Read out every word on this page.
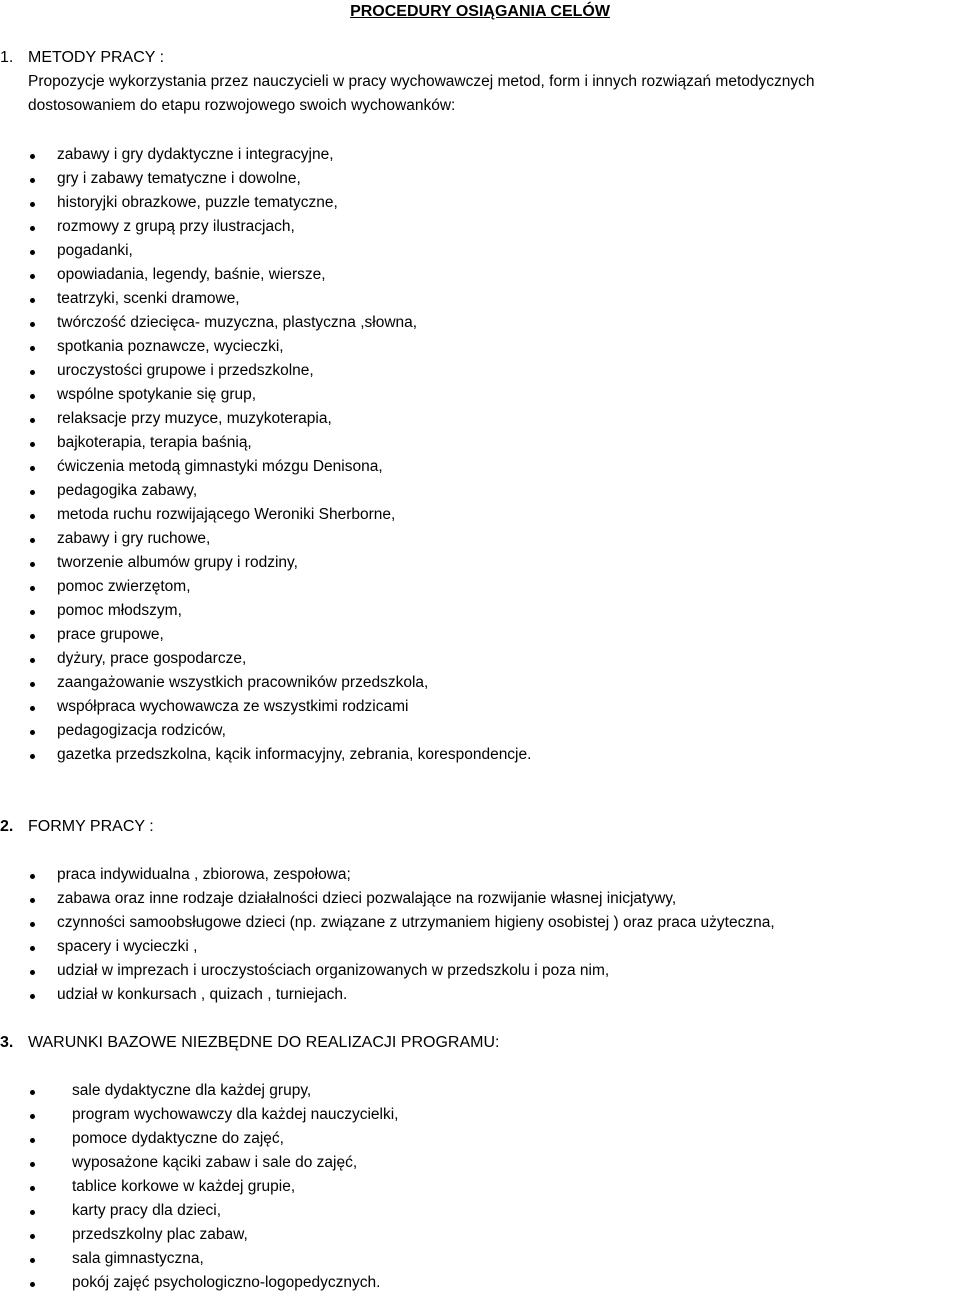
PROCEDURY OSIĄGANIA CELÓW
1. METODY PRACY :
Propozycje wykorzystania przez nauczycieli w pracy wychowawczej metod, form i innych rozwiązań metodycznych
dostosowaniem do etapu rozwojowego swoich wychowanków:
zabawy i gry dydaktyczne i integracyjne,
gry i zabawy tematyczne i dowolne,
historyjki obrazkowe, puzzle tematyczne,
rozmowy z grupą przy ilustracjach,
pogadanki,
opowiadania, legendy, baśnie, wiersze,
teatrzyki, scenki dramowe,
twórczość dziecięca- muzyczna, plastyczna ,słowna,
spotkania poznawcze, wycieczki,
uroczystości grupowe i przedszkolne,
wspólne spotykanie się grup,
relaksacje przy muzyce, muzykoterapia,
bajkoterapia, terapia baśnią,
ćwiczenia metodą gimnastyki mózgu Denisona,
pedagogika zabawy,
metoda ruchu rozwijającego Weroniki Sherborne,
zabawy i gry ruchowe,
tworzenie albumów grupy i rodziny,
pomoc zwierzętom,
pomoc młodszym,
prace grupowe,
dyżury, prace gospodarcze,
zaangażowanie wszystkich pracowników przedszkola,
współpraca wychowawcza ze wszystkimi rodzicami
pedagogizacja rodziców,
gazetka przedszkolna, kącik informacyjny, zebrania, korespondencje.
2. FORMY PRACY :
praca indywidualna , zbiorowa, zespołowa;
zabawa oraz inne rodzaje działalności dzieci pozwalające na rozwijanie własnej inicjatywy,
czynności samoobsługowe dzieci (np. związane z utrzymaniem higieny osobistej ) oraz praca użyteczna,
spacery i wycieczki ,
udział w imprezach i uroczystościach organizowanych w przedszkolu i poza nim,
udział w konkursach , quizach , turniejach.
3. WARUNKI BAZOWE NIEZBĘDNE DO REALIZACJI PROGRAMU:
sale dydaktyczne dla każdej grupy,
program wychowawczy dla każdej nauczycielki,
pomoce dydaktyczne do zajęć,
wyposażone kąciki zabaw i sale do zajęć,
tablice korkowe w każdej grupie,
karty pracy dla dzieci,
przedszkolny plac zabaw,
sala gimnastyczna,
pokój zajęć psychologiczno-logopedycznych.
